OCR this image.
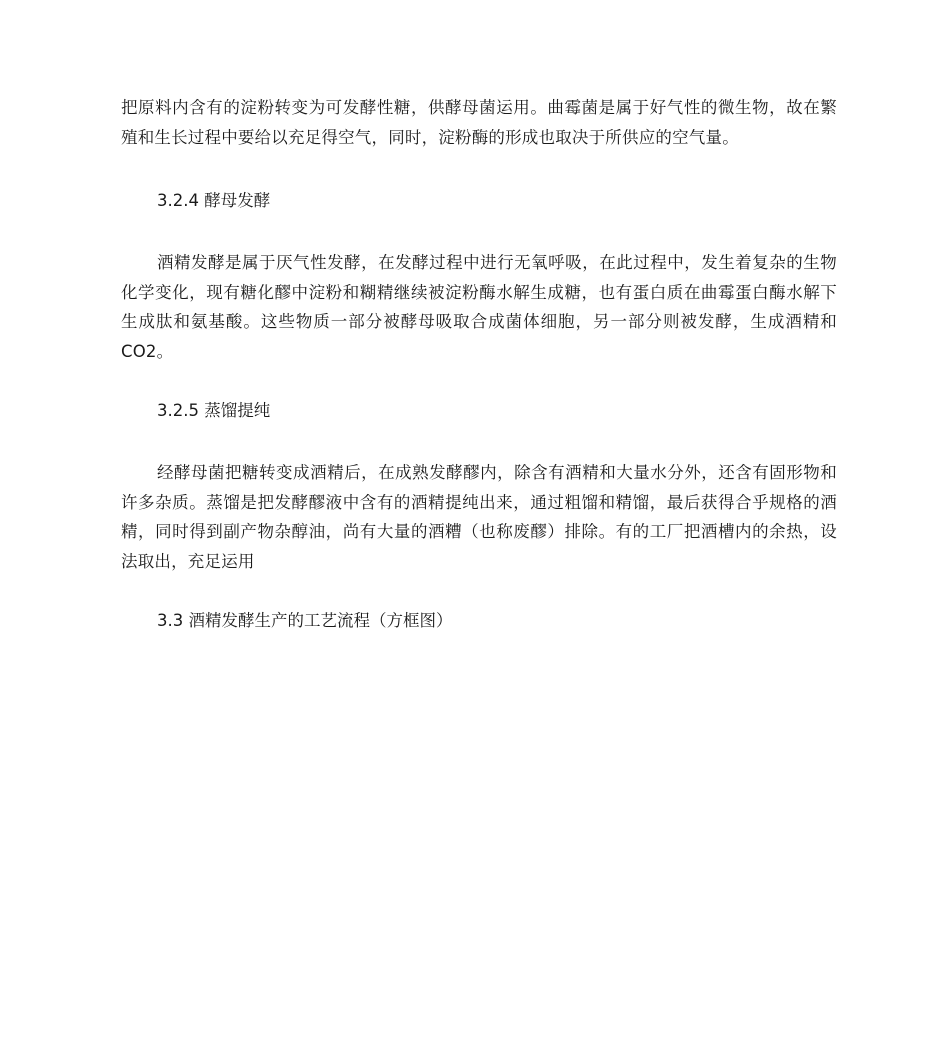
把原料内含有的淀粉转变为可发酵性糖，供酵母菌运用。曲霉菌是属于好气性的微生物，故在繁殖和生长过程中要给以充足得空气，同时，淀粉酶的形成也取决于所供应的空气量。

3.2.4 酵母发酵

酒精发酵是属于厌气性发酵，在发酵过程中进行无氧呼吸，在此过程中，发生着复杂的生物化学变化，现有糖化醪中淀粉和糊精继续被淀粉酶水解生成糖，也有蛋白质在曲霉蛋白酶水解下生成肽和氨基酸。这些物质一部分被酵母吸取合成菌体细胞，另一部分则被发酵，生成酒精和 CO2。

3.2.5 蒸馏提纯

经酵母菌把糖转变成酒精后，在成熟发酵醪内，除含有酒精和大量水分外，还含有固形物和许多杂质。蒸馏是把发酵醪液中含有的酒精提纯出来，通过粗馏和精馏，最后获得合乎规格的酒精，同时得到副产物杂醇油，尚有大量的酒糟（也称废醪）排除。有的工厂把酒槽内的余热，设法取出，充足运用

3.3 酒精发酵生产的工艺流程（方框图）
